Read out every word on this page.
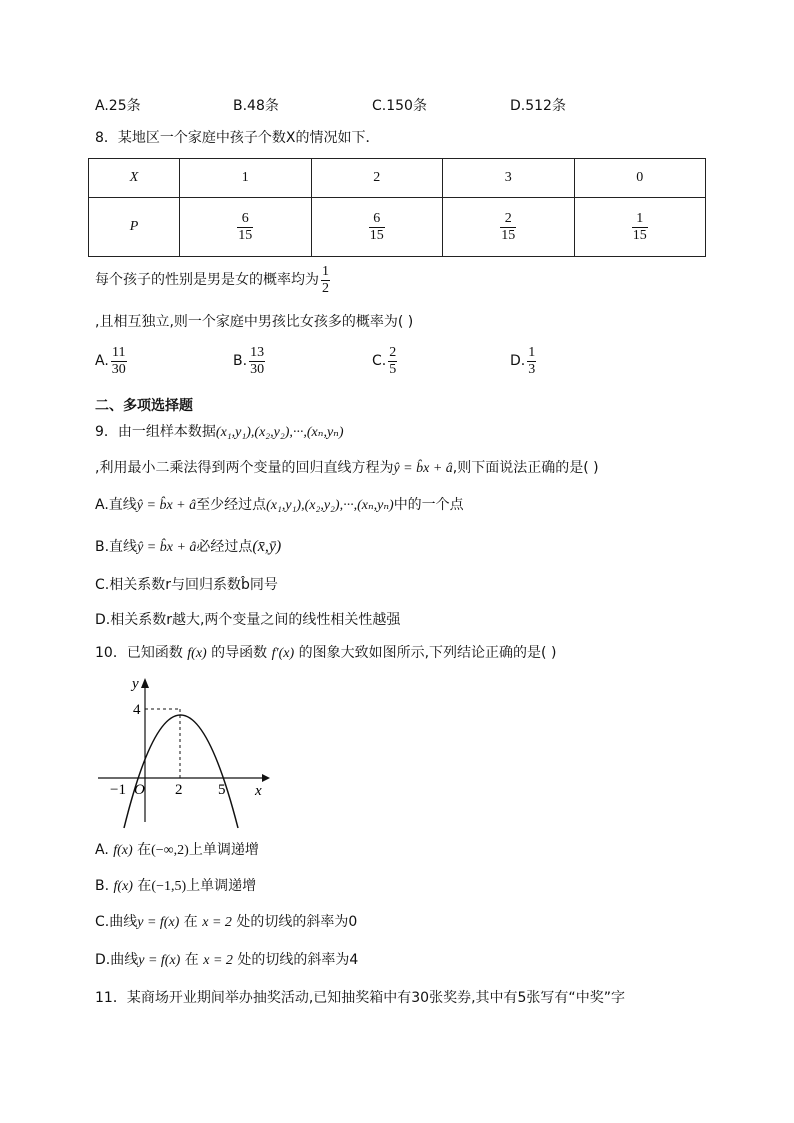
A.25条	B.48条	C.150条	D.512条
8．某地区一个家庭中孩子个数X的情况如下．
X	1	2	3	0
P	$\frac{6}{15}$	$\frac{6}{15}$	$\frac{2}{15}$	$\frac{1}{15}$
每个孩子的性别是男是女的概率均为 $\frac{1}{2}$
,且相互独立,则一个家庭中男孩比女孩多的概率为( )
A. $\frac{11}{30}$	B. $\frac{13}{30}$	C. $\frac{2}{5}$	D. $\frac{1}{3}$
二、多项选择题
9．由一组样本数据(x₁,y₁),(x₂,y₂),···,(xₙ,yₙ)
,利用最小二乘法得到两个变量的回归直线方程为ŷ = b̂x + â,则下面说法正确的是( )
A.直线ŷ = b̂x + â至少经过点(x₁,y₁),(x₂,y₂),···,(xₙ,yₙ)中的一个点
B.直线ŷ = b̂x + â必经过点(x̄,ȳ)
C.相关系数r与回归系数b̂同号
D.相关系数r越大,两个变量之间的线性相关性越强
10．已知函数 f(x) 的导函数 f′(x) 的图象大致如图所示,下列结论正确的是( )
y
x
4
O
−1	2 5
A. f(x) 在(−∞,2)上单调递增
B. f(x) 在(−1,5)上单调递增
C.曲线y = f(x) 在 x = 2 处的切线的斜率为0
D.曲线y = f(x) 在 x = 2 处的切线的斜率为4
11．某商场开业期间举办抽奖活动,已知抽奖箱中有30张奖券,其中有5张写有“中奖”字
